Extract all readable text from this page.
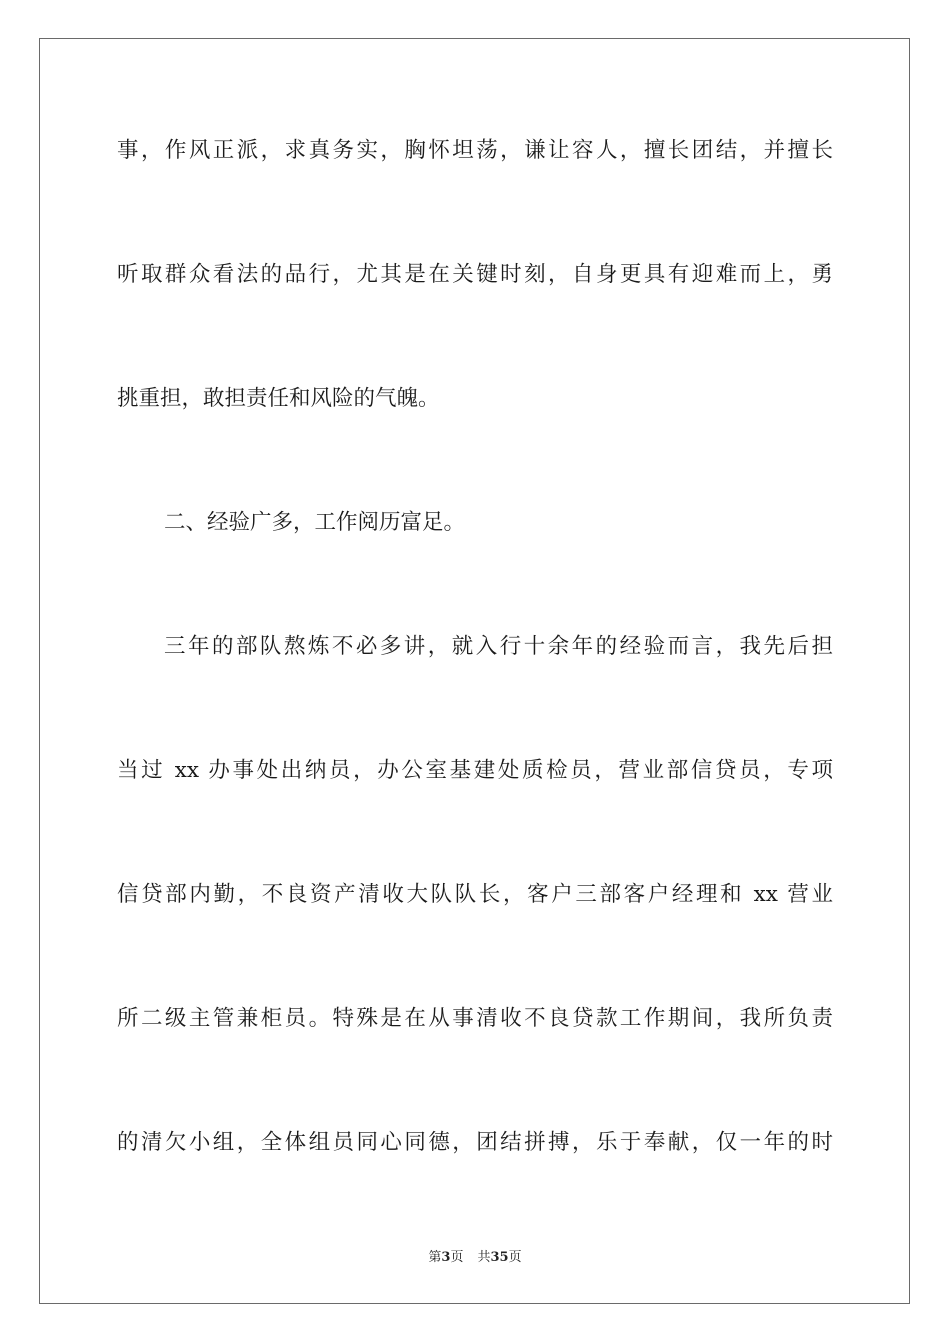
事，作风正派，求真务实，胸怀坦荡，谦让容人，擅长团结，并擅长
听取群众看法的品行，尤其是在关键时刻，自身更具有迎难而上，勇
挑重担，敢担责任和风险的气魄。
二、经验广多，工作阅历富足。
三年的部队熬炼不必多讲，就入行十余年的经验而言，我先后担
当过 xx 办事处出纳员，办公室基建处质检员，营业部信贷员，专项
信贷部内勤，不良资产清收大队队长，客户三部客户经理和 xx 营业
所二级主管兼柜员。特殊是在从事清收不良贷款工作期间，我所负责
的清欠小组，全体组员同心同德，团结拼搏，乐于奉献，仅一年的时
第3页 共35页
